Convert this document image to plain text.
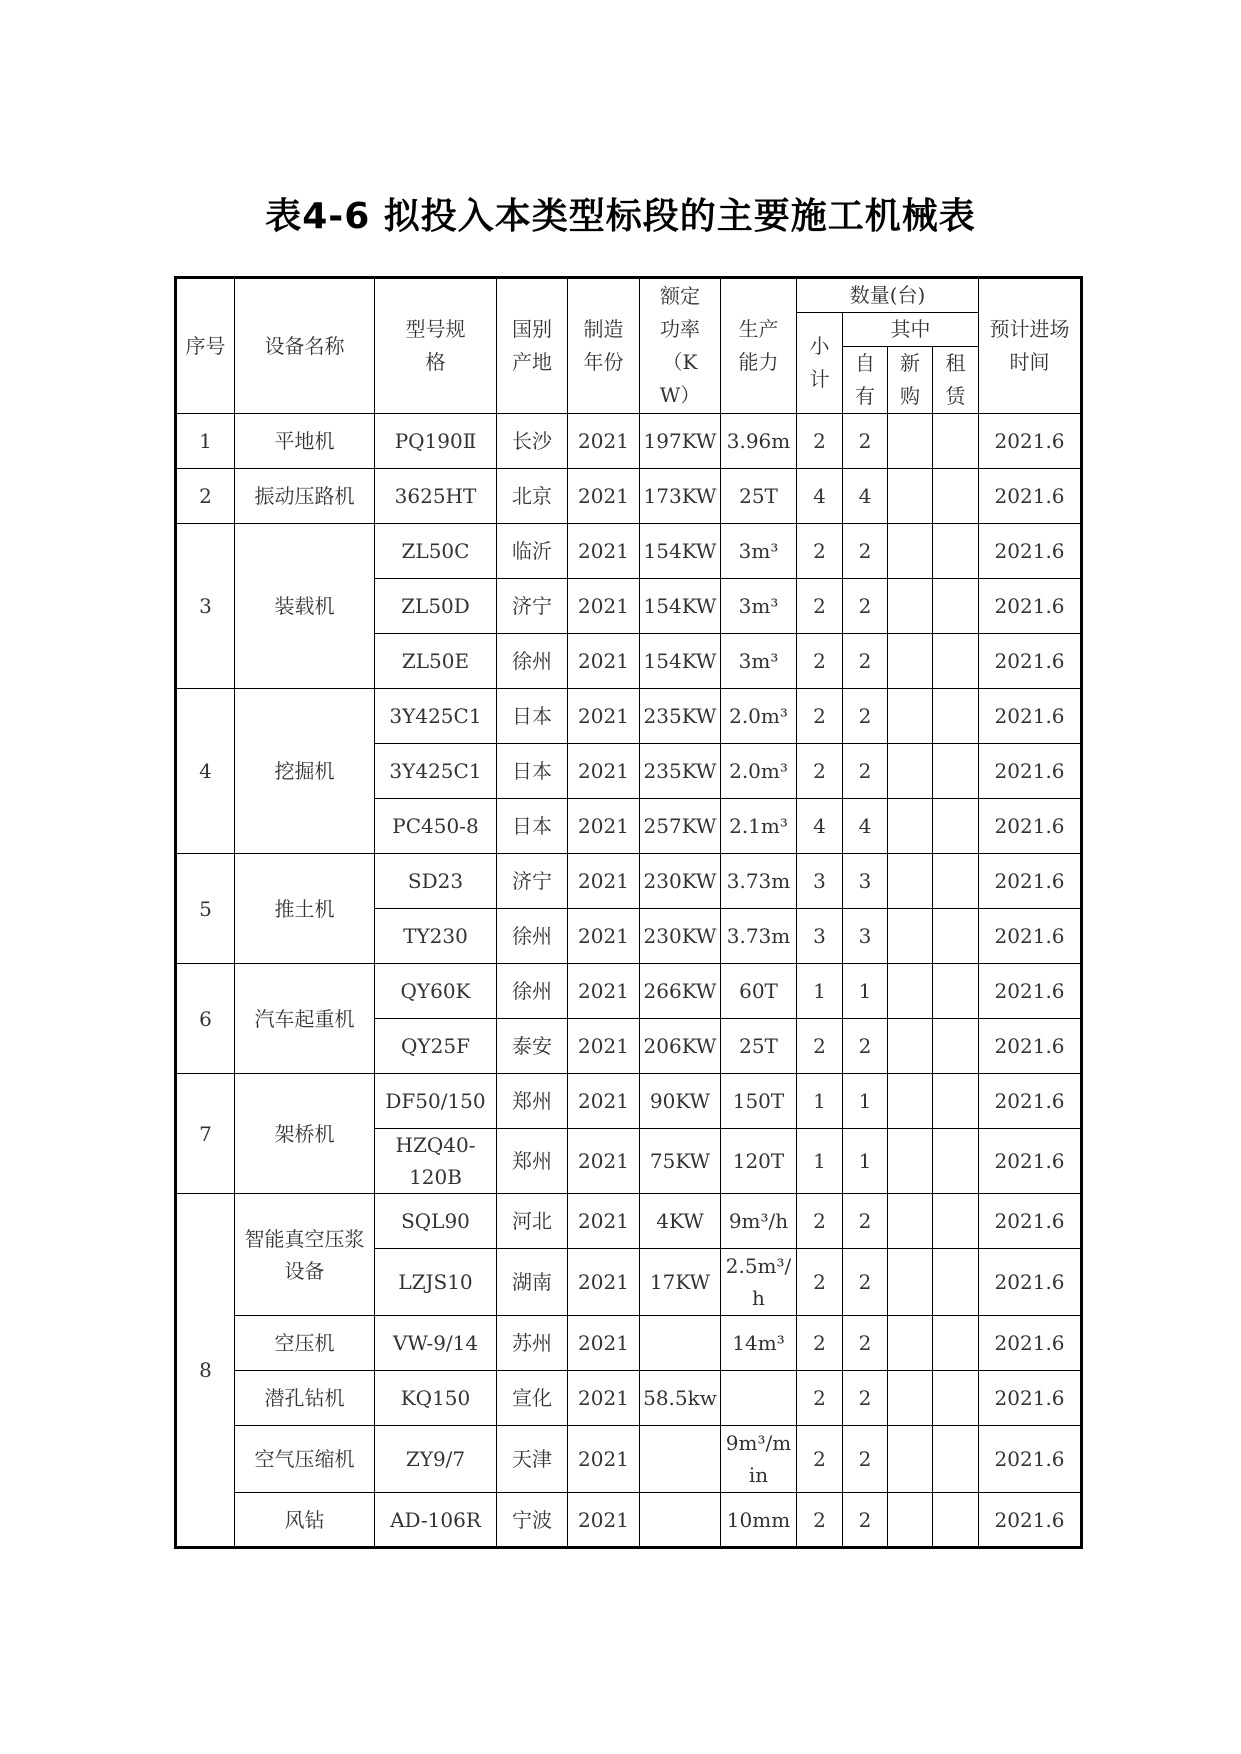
表4-6 拟投入本类型标段的主要施工机械表
序号	设备名称	型号规格	国别产地	制造年份	额定功率（KW）	生产能力	数量(台)				预计进场时间
							小计	其中			
								自有	新购	租赁	
1	平地机	PQ190Ⅱ	长沙	2021	197KW	3.96m	2	2			2021.6
2	振动压路机	3625HT	北京	2021	173KW	25T	4	4			2021.6
3	装载机	ZL50C	临沂	2021	154KW	3m³	2	2			2021.6
		ZL50D	济宁	2021	154KW	3m³	2	2			2021.6
		ZL50E	徐州	2021	154KW	3m³	2	2			2021.6
4	挖掘机	3Y425C1	日本	2021	235KW	2.0m³	2	2			2021.6
		3Y425C1	日本	2021	235KW	2.0m³	2	2			2021.6
		PC450-8	日本	2021	257KW	2.1m³	4	4			2021.6
5	推土机	SD23	济宁	2021	230KW	3.73m	3	3			2021.6
		TY230	徐州	2021	230KW	3.73m	3	3			2021.6
6	汽车起重机	QY60K	徐州	2021	266KW	60T	1	1			2021.6
		QY25F	泰安	2021	206KW	25T	2	2			2021.6
7	架桥机	DF50/150	郑州	2021	90KW	150T	1	1			2021.6
		HZQ40-120B	郑州	2021	75KW	120T	1	1			2021.6
8	智能真空压浆设备	SQL90	河北	2021	4KW	9m³/h	2	2			2021.6
		LZJS10	湖南	2021	17KW	2.5m³/h	2	2			2021.6
	空压机	VW-9/14	苏州	2021		14m³	2	2			2021.6
	潜孔钻机	KQ150	宣化	2021	58.5kw		2	2			2021.6
	空气压缩机	ZY9/7	天津	2021		9m³/min	2	2			2021.6
	风钻	AD-106R	宁波	2021		10mm	2	2			2021.6
